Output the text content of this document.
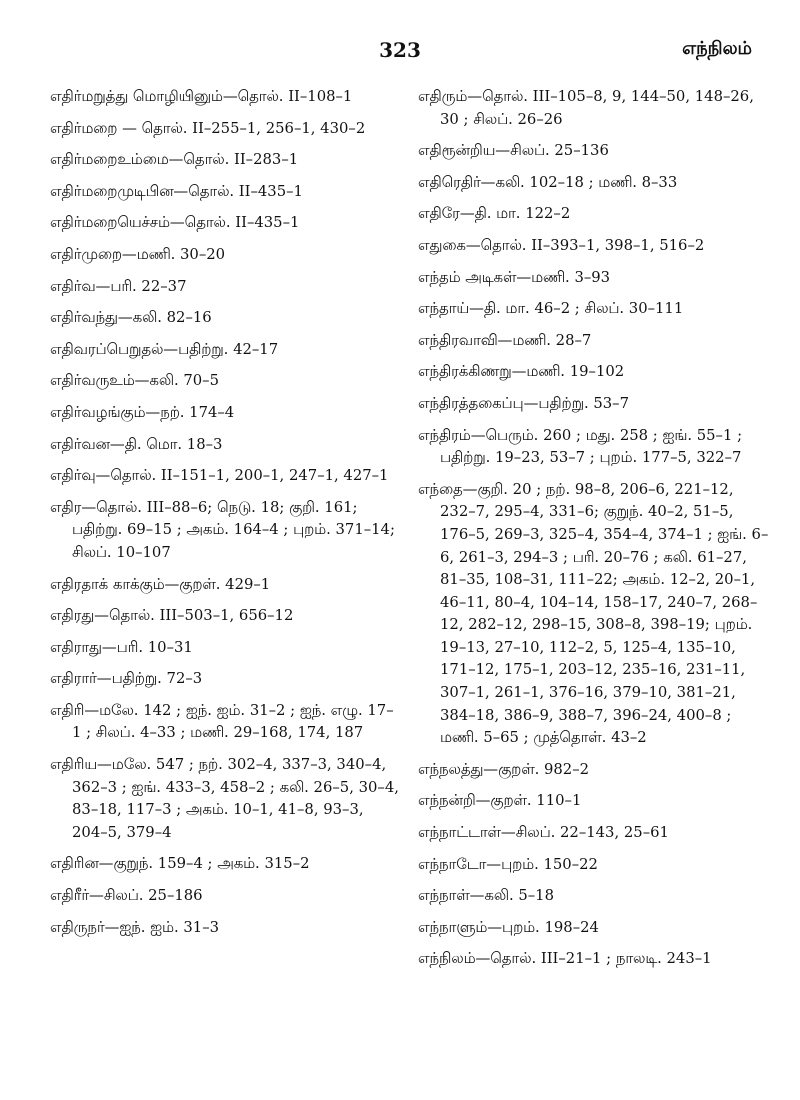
323	எந்நிலம்

எதிர்மறுத்து மொழியினும்—தொல். II–108–1

எதிர்மறை — தொல். II–255–1, 256–1, 430–2

எதிர்மறைஉம்மை—தொல். II–283–1

எதிர்மறைமுடிபின—தொல். II–435–1

எதிர்மறையெச்சம்—தொல். II–435–1

எதிர்முறை—மணி. 30–20

எதிர்வ—பரி. 22–37

எதிர்வந்து—கலி. 82–16

எதிவரப்பெறுதல்—பதிற்று. 42–17

எதிர்வருஉம்—கலி. 70–5

எதிர்வழங்கும்—நற். 174–4

எதிர்வன—தி. மொ. 18–3

எதிர்வு—தொல். II–151–1, 200–1, 247–1, 427–1

எதிர—தொல். III–88–6; நெடு. 18; குறி. 161; பதிற்று. 69–15 ; அகம். 164–4 ; புறம். 371–14; சிலப். 10–107

எதிரதாக் காக்கும்—குறள். 429–1

எதிரது—தொல். III–503–1, 656–12

எதிராது—பரி. 10–31

எதிரார்—பதிற்று. 72–3

எதிரி—மலே. 142 ; ஐந். ஐம். 31–2 ; ஐந். எழு. 17–1 ; சிலப். 4–33 ; மணி. 29–168, 174, 187

எதிரிய—மலே. 547 ; நற். 302–4, 337–3, 340–4, 362–3 ; ஐங். 433–3, 458–2 ; கலி. 26–5, 30–4, 83–18, 117–3 ; அகம். 10–1, 41–8, 93–3, 204–5, 379–4

எதிரின—குறுந். 159–4 ; அகம். 315–2

எதிரீர்—சிலப். 25–186

எதிருநர்—ஐந். ஐம். 31–3

எதிரும்—தொல். III–105–8, 9, 144–50, 148–26, 30 ; சிலப். 26–26

எதிரூன்றிய—சிலப். 25–136

எதிரெதிர்—கலி. 102–18 ; மணி. 8–33

எதிரே—தி. மா. 122–2

எதுகை—தொல். II–393–1, 398–1, 516–2

எந்தம் அடிகள்—மணி. 3–93

எந்தாய்—தி. மா. 46–2 ; சிலப். 30–111

எந்திரவாவி—மணி. 28–7

எந்திரக்கிணறு—மணி. 19–102

எந்திரத்தகைப்பு—பதிற்று. 53–7

எந்திரம்—பெரும். 260 ; மது. 258 ; ஐங். 55–1 ; பதிற்று. 19–23, 53–7 ; புறம். 177–5, 322–7

எந்தை—குறி. 20 ; நற். 98–8, 206–6, 221–12, 232–7, 295–4, 331–6; குறுந். 40–2, 51–5, 176–5, 269–3, 325–4, 354–4, 374–1 ; ஐங். 6–6, 261–3, 294–3 ; பரி. 20–76 ; கலி. 61–27, 81–35, 108–31, 111–22; அகம். 12–2, 20–1, 46–11, 80–4, 104–14, 158–17, 240–7, 268–12, 282–12, 298–15, 308–8, 398–19; புறம். 19–13, 27–10, 112–2, 5, 125–4, 135–10, 171–12, 175–1, 203–12, 235–16, 231–11, 307–1, 261–1, 376–16, 379–10, 381–21, 384–18, 386–9, 388–7, 396–24, 400–8 ; மணி. 5–65 ; முத்தொள். 43–2

எந்நலத்து—குறள். 982–2

எந்நன்றி—குறள். 110–1

எந்நாட்டாள்—சிலப். 22–143, 25–61

எந்நாடோ—புறம். 150–22

எந்நாள்—கலி. 5–18

எந்நாளும்—புறம். 198–24

எந்நிலம்—தொல். III–21–1 ; நாலடி. 243–1
